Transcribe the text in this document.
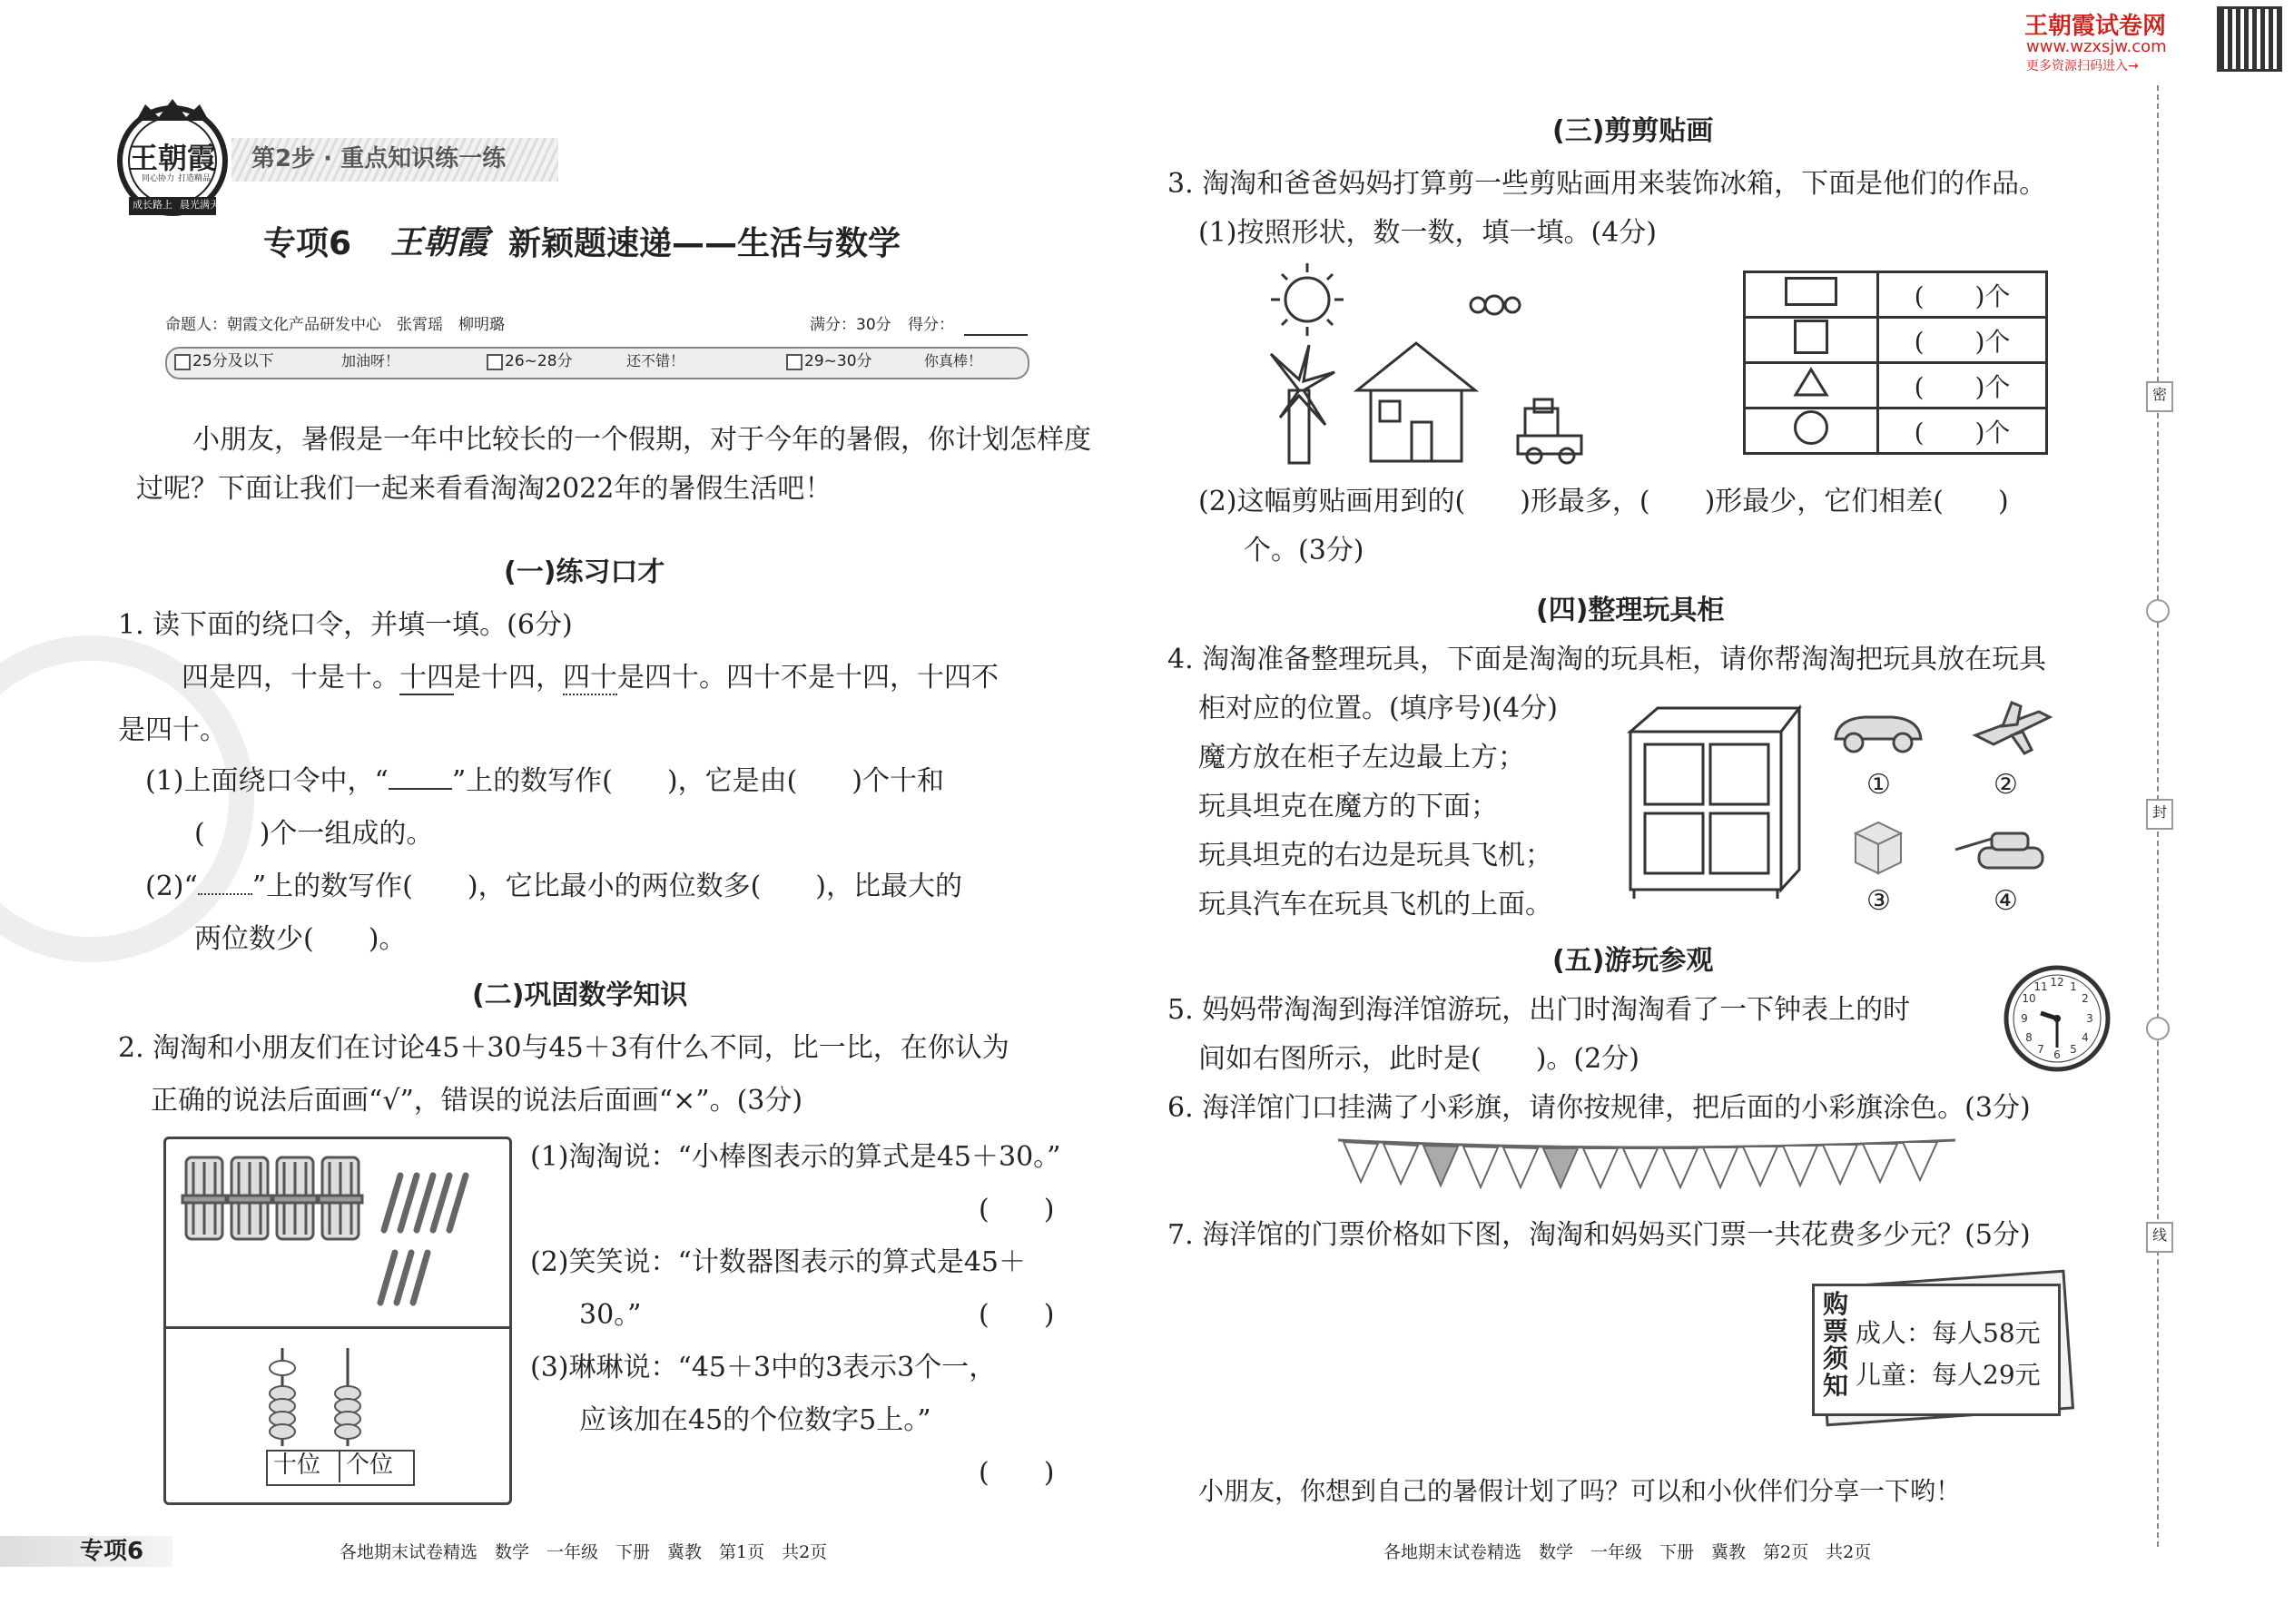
王朝霞试卷网
www.wzxsjw.com
更多资源扫码进入→
王朝霞
成长路上 晨光满天
同心协力 打造精品
第2步 · 重点知识练一练
专项6 王朝霞 新颖题速递——生活与数学
命题人：朝霞文化产品研发中心　张霄瑶　柳明璐	满分：30分 得分：
25分及以下	加油呀！	26~28分	还不错！	29~30分	你真棒！
小朋友，暑假是一年中比较长的一个假期，对于今年的暑假，你计划怎样度
过呢？下面让我们一起来看看淘淘2022年的暑假生活吧！
(一)练习口才
1. 读下面的绕口令，并填一填。(6分)
四是四，十是十。十四是十四，四十是四十。四十不是十四，十四不
是四十。
(1)上面绕口令中，“ ”上的数写作(　　)，它是由(　　)个十和
(　　)个一组成的。
(2)“ ”上的数写作(　　)，它比最小的两位数多(　　)，比最大的
两位数少(　　)。
(二)巩固数学知识
2. 淘淘和小朋友们在讨论45＋30与45＋3有什么不同，比一比，在你认为
正确的说法后面画“√”，错误的说法后面画“×”。(3分)
十位 个位
(1)淘淘说：“小棒图表示的算式是45＋30。”
(　　)
(2)笑笑说：“计数器图表示的算式是45＋
30。”	(　　)
(3)琳琳说：“45＋3中的3表示3个一，
应该加在45的个位数字5上。”
(　　)
(三)剪剪贴画
3. 淘淘和爸爸妈妈打算剪一些剪贴画用来装饰冰箱，下面是他们的作品。
(1)按照形状，数一数，填一填。(4分)
	(　　)个
	(　　)个
	(　　)个
	(　　)个
(2)这幅剪贴画用到的(　　)形最多，(　　)形最少，它们相差(　　)
个。(3分)
(四)整理玩具柜
4. 淘淘准备整理玩具，下面是淘淘的玩具柜，请你帮淘淘把玩具放在玩具
柜对应的位置。(填序号)(4分)
魔方放在柜子左边最上方；
玩具坦克在魔方的下面；
玩具坦克的右边是玩具飞机；
玩具汽车在玩具飞机的上面。
①	②
③	④
(五)游玩参观
5. 妈妈带淘淘到海洋馆游玩，出门时淘淘看了一下钟表上的时
间如右图所示，此时是(　　)。(2分)
12 1
2
3
4
5
6
7
8
9
10
11
6. 海洋馆门口挂满了小彩旗，请你按规律，把后面的小彩旗涂色。(3分)
7. 海洋馆的门票价格如下图，淘淘和妈妈买门票一共花费多少元？(5分)
购
票
须
知
成人：每人58元
儿童：每人29元
小朋友，你想到自己的暑假计划了吗？可以和小伙伴们分享一下哟！
密
封
线
专项6	各地期末试卷精选　数学　一年级　下册　冀教　第1页　共2页	各地期末试卷精选　数学　一年级　下册　冀教　第2页　共2页
